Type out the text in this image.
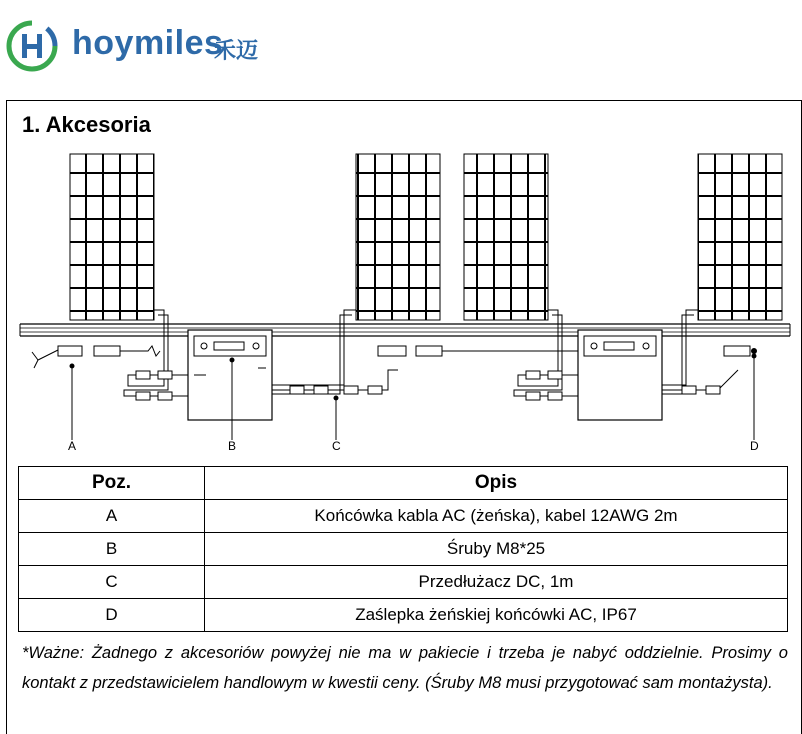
hoymiles
禾迈
1. Akcesoria
A	B	C	D
Poz.	Opis
A	Końcówka kabla AC (żeńska), kabel 12AWG 2m
B	Śruby M8*25
C	Przedłużacz DC, 1m
D	Zaślepka żeńskiej końcówki AC, IP67
*Ważne: Żadnego z akcesoriów powyżej nie ma w pakiecie i trzeba je nabyć oddzielnie. Prosimy o kontakt z przedstawicielem handlowym w kwestii ceny. (Śruby M8 musi przygotować sam montażysta).
